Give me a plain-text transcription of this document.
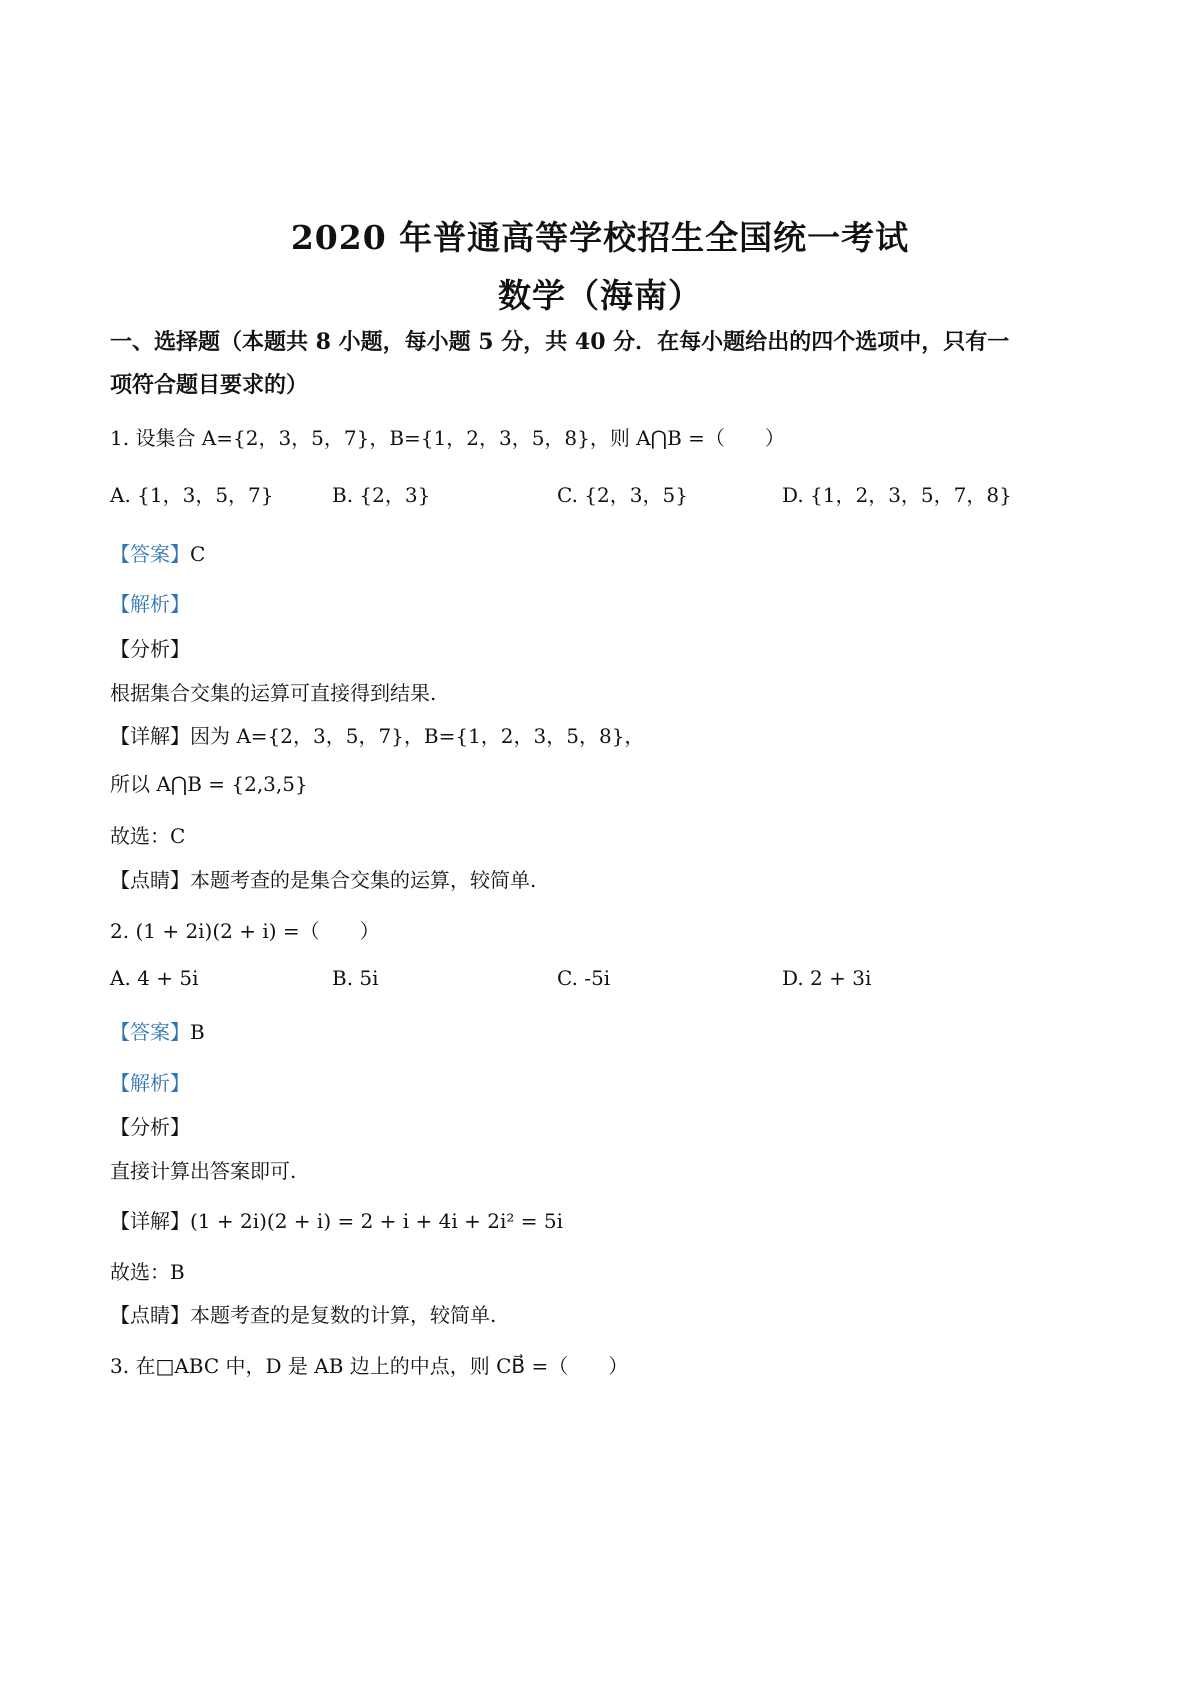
2020 年普通高等学校招生全国统一考试
数学（海南）
一、选择题（本题共 8 小题，每小题 5 分，共 40 分．在每小题给出的四个选项中，只有一
项符合题目要求的）
1. 设集合 A={2，3，5，7}，B={1，2，3，5，8}，则 A⋂B =（　　）
A. {1，3，5，7}	B. {2，3}	C. {2，3，5}	D. {1，2，3，5，7，8}
【答案】C
【解析】
【分析】
根据集合交集的运算可直接得到结果.
【详解】因为 A={2，3，5，7}，B={1，2，3，5，8}，
所以 A⋂B = {2,3,5}
故选：C
【点睛】本题考查的是集合交集的运算，较简单.
2. (1 + 2i)(2 + i) =（　　）
A. 4 + 5i	B. 5i	C. -5i	D. 2 + 3i
【答案】B
【解析】
【分析】
直接计算出答案即可.
【详解】(1 + 2i)(2 + i) = 2 + i + 4i + 2i² = 5i
故选：B
【点睛】本题考查的是复数的计算，较简单.
3. 在□ABC 中，D 是 AB 边上的中点，则 CB⃗ =（　　）
